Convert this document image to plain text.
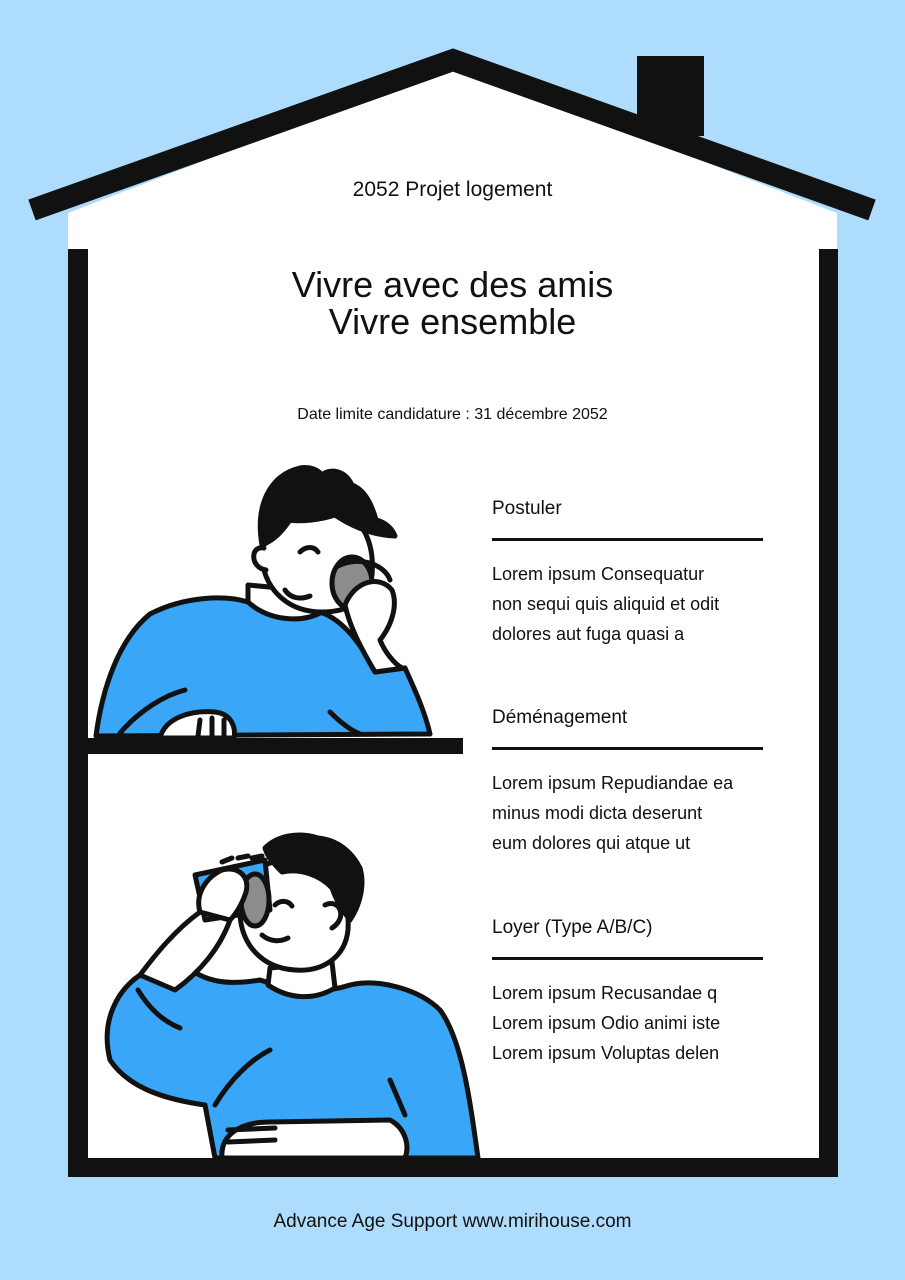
2052 Projet logement

Vivre avec des amis
Vivre ensemble

Date limite candidature : 31 décembre 2052

Postuler

Lorem ipsum Consequatur
non sequi quis aliquid et odit
dolores aut fuga quasi a

Déménagement

Lorem ipsum Repudiandae ea
minus modi dicta deserunt
eum dolores qui atque ut

Loyer (Type A/B/C)

Lorem ipsum Recusandae q
Lorem ipsum Odio animi iste
Lorem ipsum Voluptas delen

Advance Age Support www.mirihouse.com
